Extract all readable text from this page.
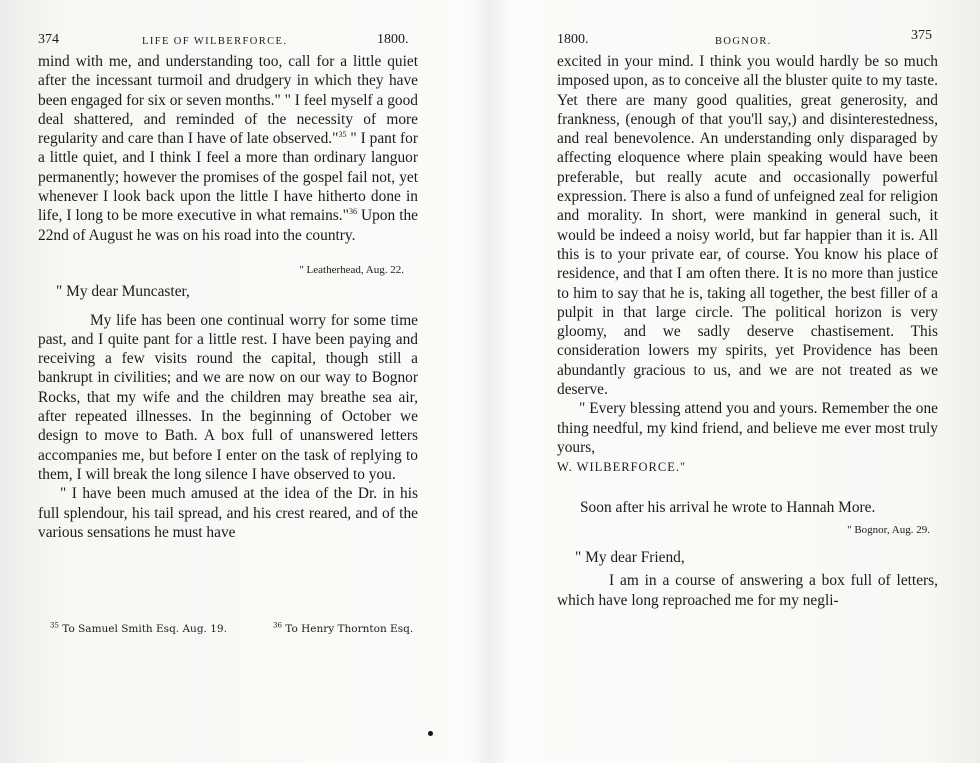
374	LIFE OF WILBERFORCE.	1800.

mind with me, and understanding too, call for a little quiet after the incessant turmoil and drudgery in which they have been engaged for six or seven months." " I feel myself a good deal shattered, and reminded of the necessity of more regularity and care than I have of late observed."$^{35}$ " I pant for a little quiet, and I think I feel a more than ordinary languor permanently; however the promises of the gospel fail not, yet whenever I look back upon the little I have hitherto done in life, I long to be more executive in what remains."$^{36}$ Upon the 22nd of August he was on his road into the country.

" Leatherhead, Aug. 22.

" My dear Muncaster,

My life has been one continual worry for some time past, and I quite pant for a little rest. I have been paying and receiving a few visits round the capital, though still a bankrupt in civilities; and we are now on our way to Bognor Rocks, that my wife and the children may breathe sea air, after repeated illnesses. In the beginning of October we design to move to Bath. A box full of unanswered letters accompanies me, but before I enter on the task of replying to them, I will break the long silence I have observed to you.

" I have been much amused at the idea of the Dr. in his full splendour, his tail spread, and his crest reared, and of the various sensations he must have

$^{35}$ To Samuel Smith Esq. Aug. 19.	$^{36}$ To Henry Thornton Esq.
1800.	BOGNOR.	375

excited in your mind. I think you would hardly be so much imposed upon, as to conceive all the bluster quite to my taste. Yet there are many good qualities, great generosity, and frankness, (enough of that you'll say,) and disinterestedness, and real benevolence. An understanding only disparaged by affecting eloquence where plain speaking would have been preferable, but really acute and occasionally powerful expression. There is also a fund of unfeigned zeal for religion and morality. In short, were mankind in general such, it would be indeed a noisy world, but far happier than it is. All this is to your private ear, of course. You know his place of residence, and that I am often there. It is no more than justice to him to say that he is, taking all together, the best filler of a pulpit in that large circle. The political horizon is very gloomy, and we sadly deserve chastisement. This consideration lowers my spirits, yet Providence has been abundantly gracious to us, and we are not treated as we deserve.

" Every blessing attend you and yours. Remember the one thing needful, my kind friend, and believe me ever most truly yours,

W. WILBERFORCE."

Soon after his arrival he wrote to Hannah More.

" Bognor, Aug. 29.

" My dear Friend,

I am in a course of answering a box full of letters, which have long reproached me for my negli-
